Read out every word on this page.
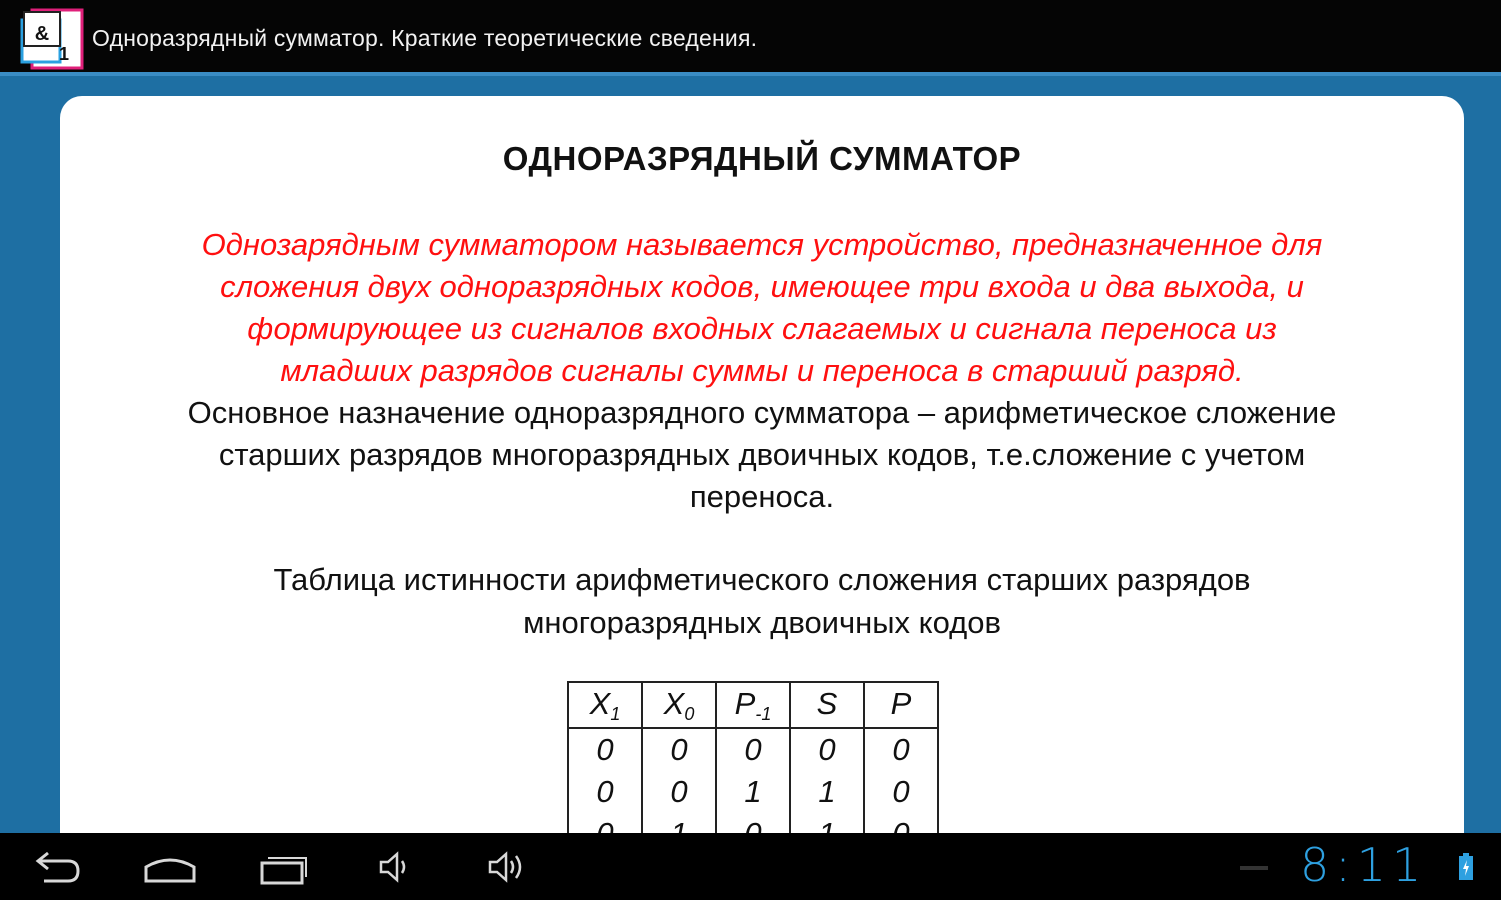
&
1
Одноразрядный сумматор. Краткие теоретические сведения.
ОДНОРАЗРЯДНЫЙ СУММАТОР
Однозарядным сумматором называется устройство, предназначенное для
сложения двух одноразрядных кодов, имеющее три входа и два выхода, и
формирующее из сигналов входных слагаемых и сигнала переноса из
младших разрядов сигналы суммы и переноса в старший разряд.
Основное назначение одноразрядного сумматора – арифметическое сложение
старших разрядов многоразрядных двоичных кодов, т.е.сложение с учетом
переноса.
Таблица истинности арифметического сложения старших разрядов
многоразрядных двоичных кодов
$X_1$	$X_0$	$P_{-1}$	S	P
0	0	0	0	0
0	0	1	1	0

8:11
